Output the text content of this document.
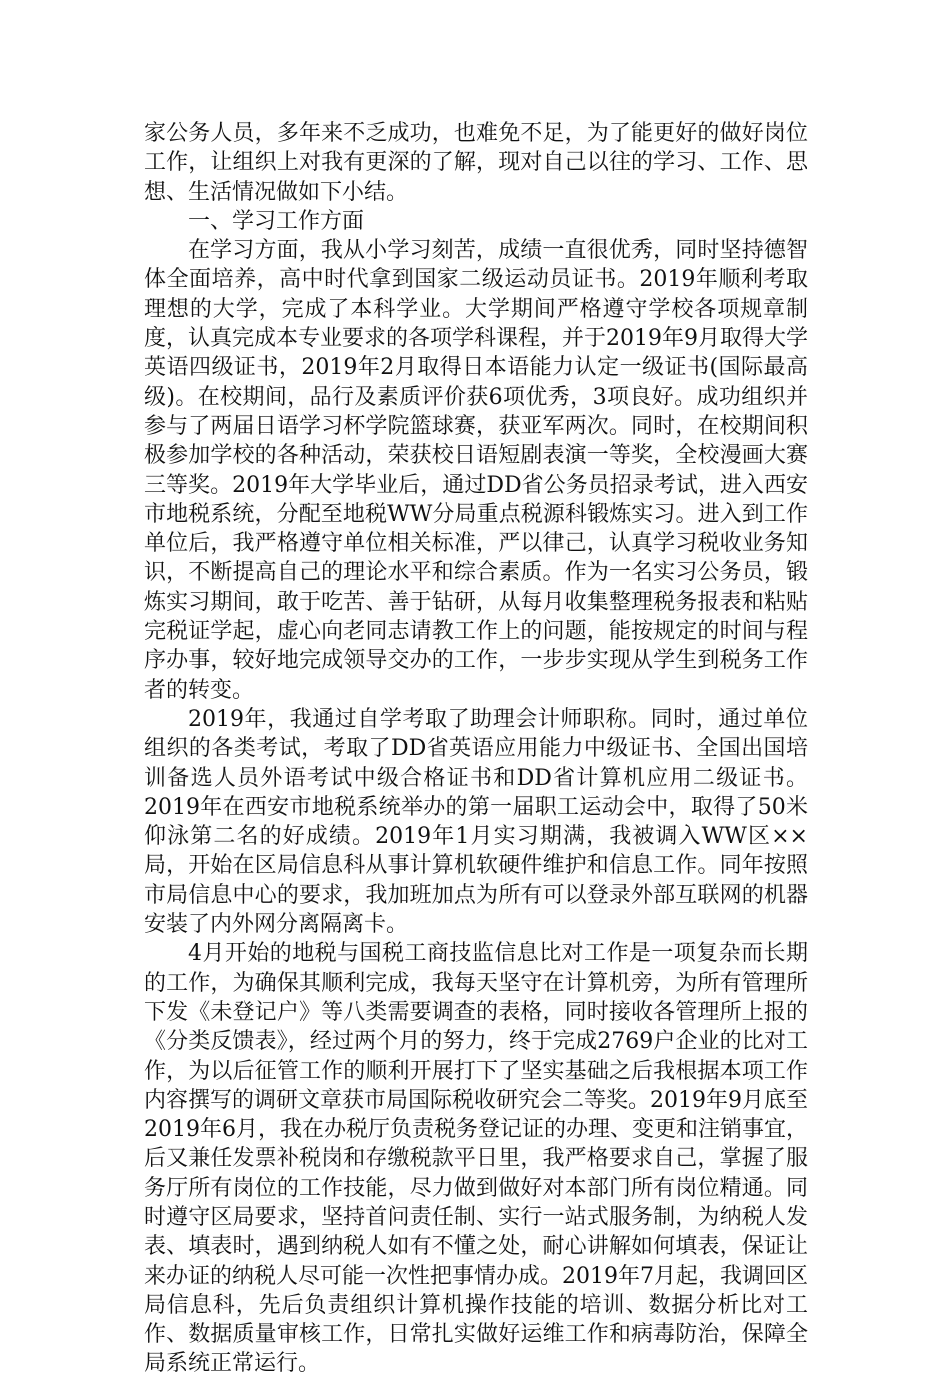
家公务人员，多年来不乏成功，也难免不足，为了能更好的做好岗位工作，让组织上对我有更深的了解，现对自己以往的学习、工作、思想、生活情况做如下小结。

一、学习工作方面

在学习方面，我从小学习刻苦，成绩一直很优秀，同时坚持德智体全面培养，高中时代拿到国家二级运动员证书。2019年顺利考取理想的大学，完成了本科学业。大学期间严格遵守学校各项规章制度，认真完成本专业要求的各项学科课程，并于2019年9月取得大学英语四级证书，2019年2月取得日本语能力认定一级证书(国际最高级)。在校期间，品行及素质评价获6项优秀，3项良好。成功组织并参与了两届日语学习杯学院篮球赛，获亚军两次。同时，在校期间积极参加学校的各种活动，荣获校日语短剧表演一等奖，全校漫画大赛三等奖。2019年大学毕业后，通过DD省公务员招录考试，进入西安市地税系统，分配至地税WW分局重点税源科锻炼实习。进入到工作单位后，我严格遵守单位相关标准，严以律己，认真学习税收业务知识，不断提高自己的理论水平和综合素质。作为一名实习公务员，锻炼实习期间，敢于吃苦、善于钻研，从每月收集整理税务报表和粘贴完税证学起，虚心向老同志请教工作上的问题，能按规定的时间与程序办事，较好地完成领导交办的工作，一步步实现从学生到税务工作者的转变。

2019年，我通过自学考取了助理会计师职称。同时，通过单位组织的各类考试，考取了DD省英语应用能力中级证书、全国出国培训备选人员外语考试中级合格证书和DD省计算机应用二级证书。2019年在西安市地税系统举办的第一届职工运动会中，取得了50米仰泳第二名的好成绩。2019年1月实习期满，我被调入WW区××局，开始在区局信息科从事计算机软硬件维护和信息工作。同年按照市局信息中心的要求，我加班加点为所有可以登录外部互联网的机器安装了内外网分离隔离卡。

4月开始的地税与国税工商技监信息比对工作是一项复杂而长期的工作，为确保其顺利完成，我每天坚守在计算机旁，为所有管理所下发《未登记户》等八类需要调查的表格，同时接收各管理所上报的《分类反馈表》，经过两个月的努力，终于完成2769户企业的比对工作，为以后征管工作的顺利开展打下了坚实基础之后我根据本项工作内容撰写的调研文章获市局国际税收研究会二等奖。2019年9月底至2019年6月，我在办税厅负责税务登记证的办理、变更和注销事宜，后又兼任发票补税岗和存缴税款平日里，我严格要求自己，掌握了服务厅所有岗位的工作技能，尽力做到做好对本部门所有岗位精通。同时遵守区局要求，坚持首问责任制、实行一站式服务制，为纳税人发表、填表时，遇到纳税人如有不懂之处，耐心讲解如何填表，保证让来办证的纳税人尽可能一次性把事情办成。2019年7月起，我调回区局信息科，先后负责组织计算机操作技能的培训、数据分析比对工作、数据质量审核工作，日常扎实做好运维工作和病毒防治，保障全局系统正常运行。
